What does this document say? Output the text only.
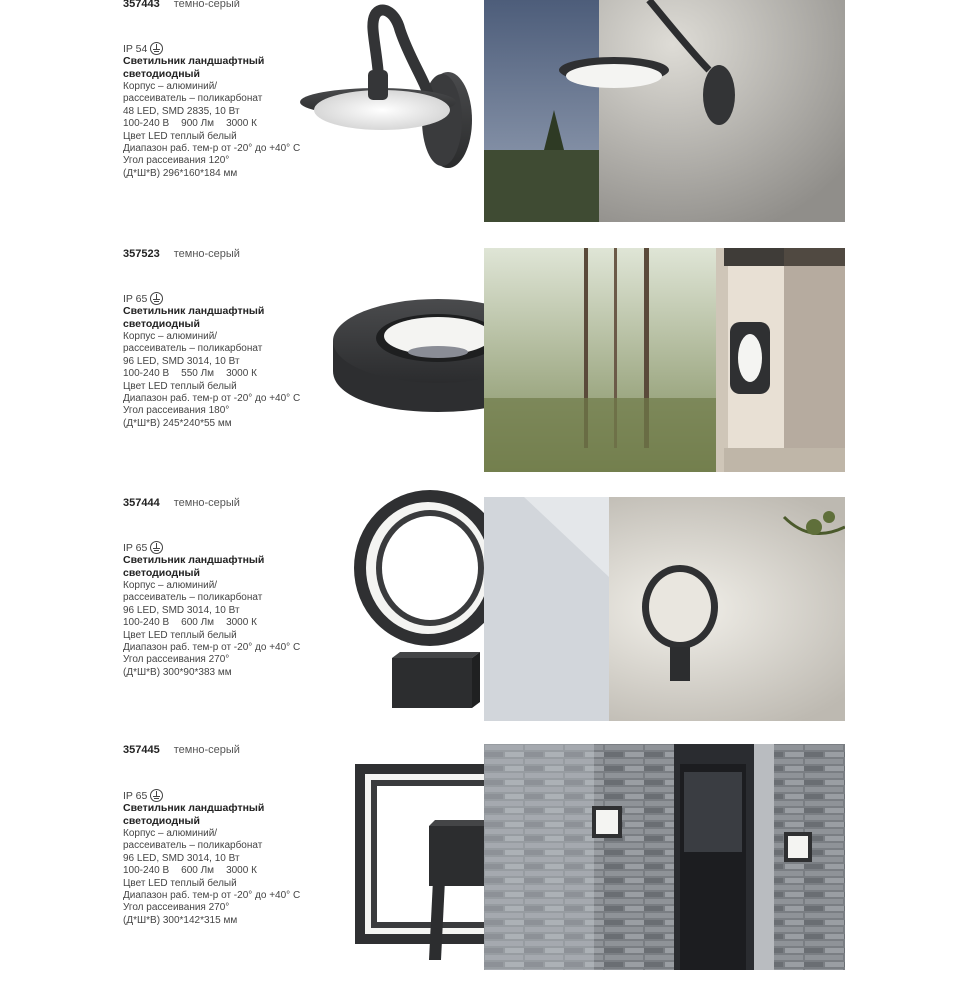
357443 темно-серый
IP 54
Светильник ландшафтный
светодиодный
Корпус – алюминий/
рассеиватель – поликарбонат
48 LED, SMD 2835, 10 Вт
100-240 В 900 Лм 3000 К
Цвет LED теплый белый
Диапазон раб. тем-р от -20° до +40° С
Угол рассеивания 120°
(Д*Ш*В) 296*160*184 мм
357523 темно-серый
IP 65
Светильник ландшафтный
светодиодный
Корпус – алюминий/
рассеиватель – поликарбонат
96 LED, SMD 3014, 10 Вт
100-240 В 550 Лм 3000 К
Цвет LED теплый белый
Диапазон раб. тем-р от -20° до +40° С
Угол рассеивания 180°
(Д*Ш*В) 245*240*55 мм
357444 темно-серый
IP 65
Светильник ландшафтный
светодиодный
Корпус – алюминий/
рассеиватель – поликарбонат
96 LED, SMD 3014, 10 Вт
100-240 В 600 Лм 3000 К
Цвет LED теплый белый
Диапазон раб. тем-р от -20° до +40° С
Угол рассеивания 270°
(Д*Ш*В) 300*90*383 мм
357445 темно-серый
IP 65
Светильник ландшафтный
светодиодный
Корпус – алюминий/
рассеиватель – поликарбонат
96 LED, SMD 3014, 10 Вт
100-240 В 600 Лм 3000 К
Цвет LED теплый белый
Диапазон раб. тем-р от -20° до +40° С
Угол рассеивания 270°
(Д*Ш*В) 300*142*315 мм
